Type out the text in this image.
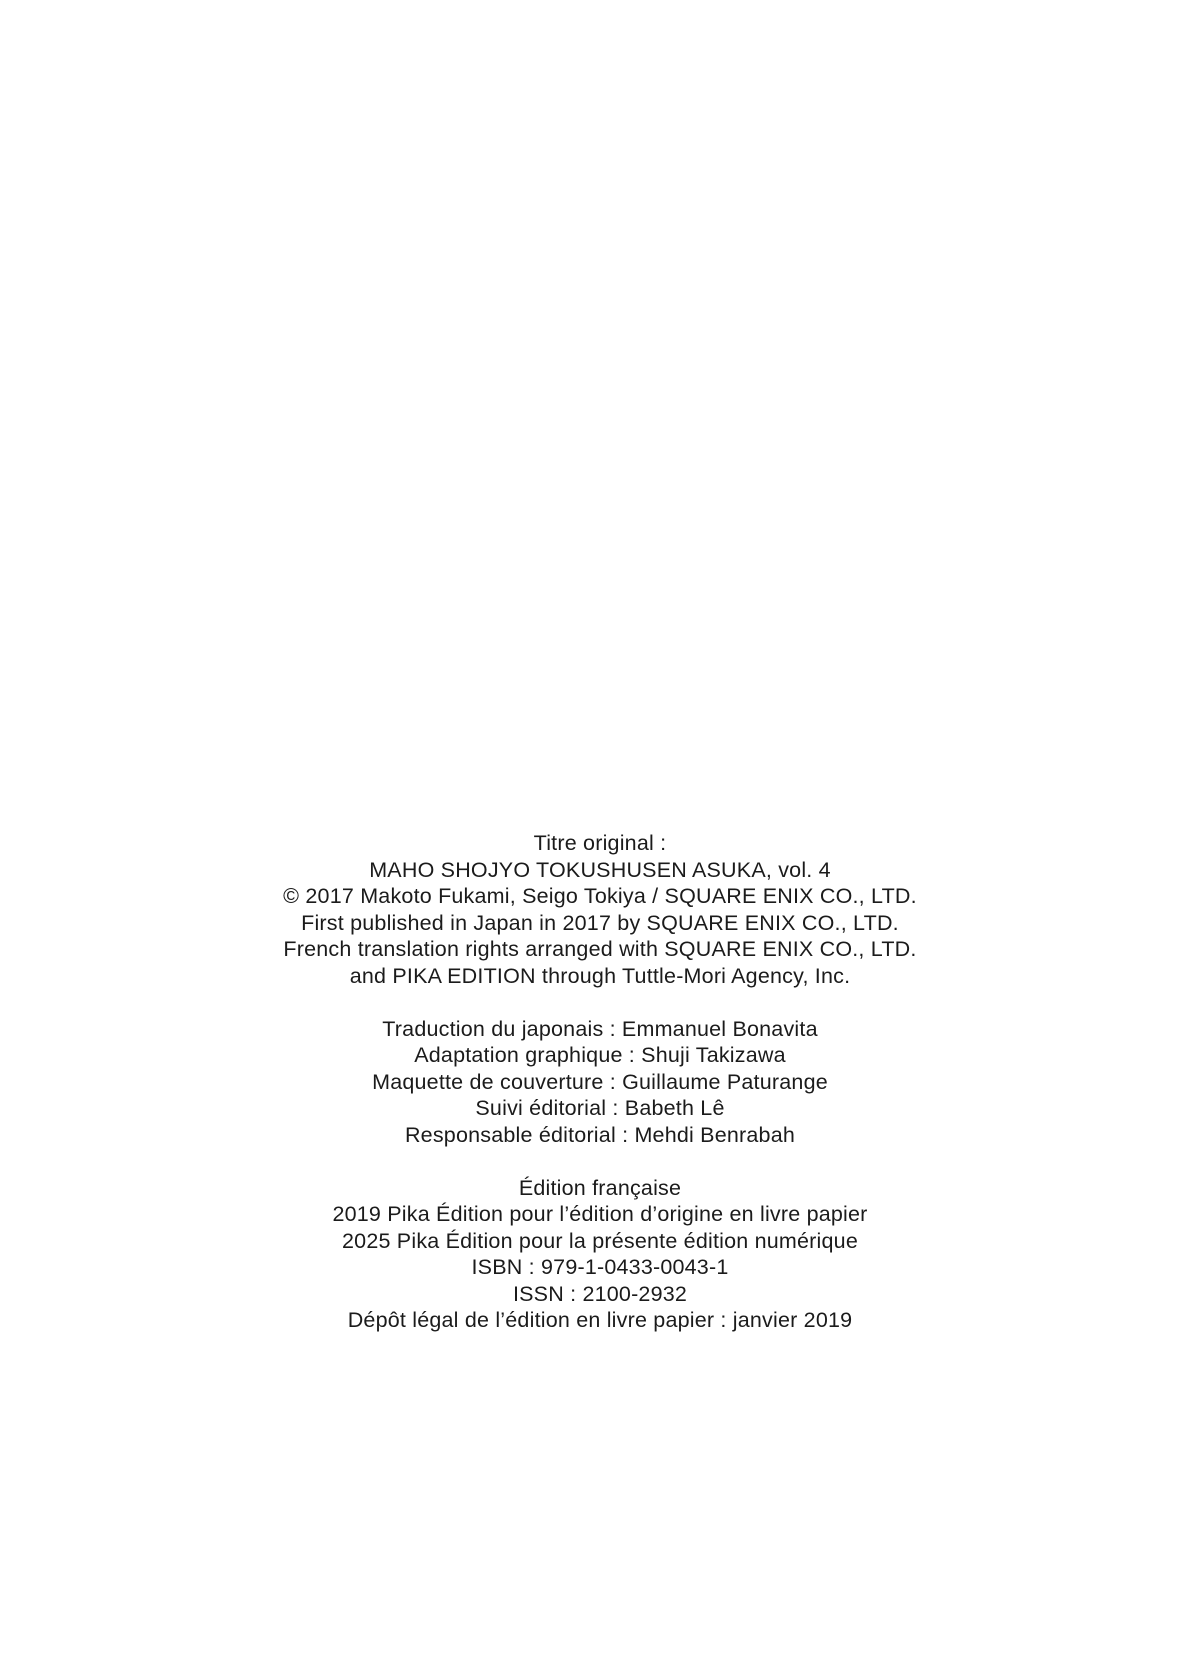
Titre original :
MAHO SHOJYO TOKUSHUSEN ASUKA, vol. 4
© 2017 Makoto Fukami, Seigo Tokiya / SQUARE ENIX CO., LTD.
First published in Japan in 2017 by SQUARE ENIX CO., LTD.
French translation rights arranged with SQUARE ENIX CO., LTD.
and PIKA EDITION through Tuttle-Mori Agency, Inc.
Traduction du japonais : Emmanuel Bonavita
Adaptation graphique : Shuji Takizawa
Maquette de couverture : Guillaume Paturange
Suivi éditorial : Babeth Lê
Responsable éditorial : Mehdi Benrabah
Édition française
2019 Pika Édition pour l’édition d’origine en livre papier
2025 Pika Édition pour la présente édition numérique
ISBN : 979-1-0433-0043-1
ISSN : 2100-2932
Dépôt légal de l’édition en livre papier : janvier 2019
